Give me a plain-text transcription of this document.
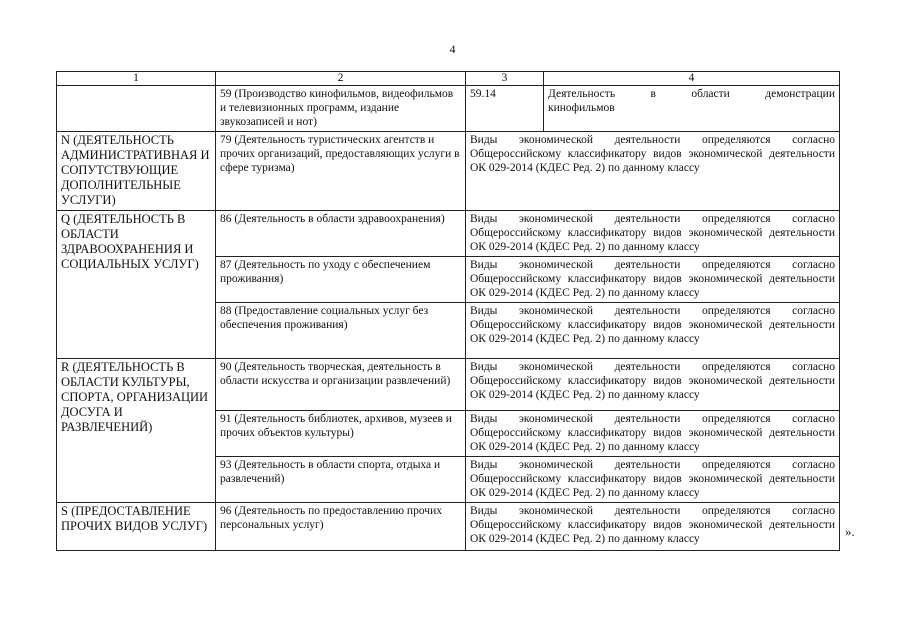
4
1	2	3	4
	59 (Производство кинофильмов, видеофильмов и телевизионных программ, издание звукозаписей и нот)	59.14	Деятельность в области демонстрации
кинофильмов

N (ДЕЯТЕЛЬНОСТЬ АДМИНИСТРАТИВНАЯ И СОПУТСТВУЮЩИЕ ДОПОЛНИТЕЛЬНЫЕ УСЛУГИ)	79 (Деятельность туристических агентств и прочих организаций, предоставляющих услуги в сфере туризма)	Виды экономической деятельности определяются согласно Общероссийскому классификатору видов экономической деятельности ОК 029-2014 (КДЕС Ред. 2) по данному классу	
Q (ДЕЯТЕЛЬНОСТЬ В ОБЛАСТИ ЗДРАВООХРАНЕНИЯ И СОЦИАЛЬНЫХ УСЛУГ)	86 (Деятельность в области здравоохранения)	Виды экономической деятельности определяются согласно Общероссийскому классификатору видов экономической деятельности ОК 029-2014 (КДЕС Ред. 2) по данному классу	
	87 (Деятельность по уходу с обеспечением проживания)	Виды экономической деятельности определяются согласно Общероссийскому классификатору видов экономической деятельности ОК 029-2014 (КДЕС Ред. 2) по данному классу	
	88 (Предоставление социальных услуг без обеспечения проживания)	Виды экономической деятельности определяются согласно Общероссийскому классификатору видов экономической деятельности ОК 029-2014 (КДЕС Ред. 2) по данному классу	
R (ДЕЯТЕЛЬНОСТЬ В ОБЛАСТИ КУЛЬТУРЫ, СПОРТА, ОРГАНИЗАЦИИ ДОСУГА И РАЗВЛЕЧЕНИЙ)	90 (Деятельность творческая, деятельность в области искусства и организации развлечений)	Виды экономической деятельности определяются согласно Общероссийскому классификатору видов экономической деятельности ОК 029-2014 (КДЕС Ред. 2) по данному классу	
	91 (Деятельность библиотек, архивов, музеев и прочих объектов культуры)	Виды экономической деятельности определяются согласно Общероссийскому классификатору видов экономической деятельности ОК 029-2014 (КДЕС Ред. 2) по данному классу	
	93 (Деятельность в области спорта, отдыха и развлечений)	Виды экономической деятельности определяются согласно Общероссийскому классификатору видов экономической деятельности ОК 029-2014 (КДЕС Ред. 2) по данному классу	
S (ПРЕДОСТАВЛЕНИЕ ПРОЧИХ ВИДОВ УСЛУГ)	96 (Деятельность по предоставлению прочих персональных услуг)	Виды экономической деятельности определяются согласно Общероссийскому классификатору видов экономической деятельности ОК 029-2014 (КДЕС Ред. 2) по данному классу		».
